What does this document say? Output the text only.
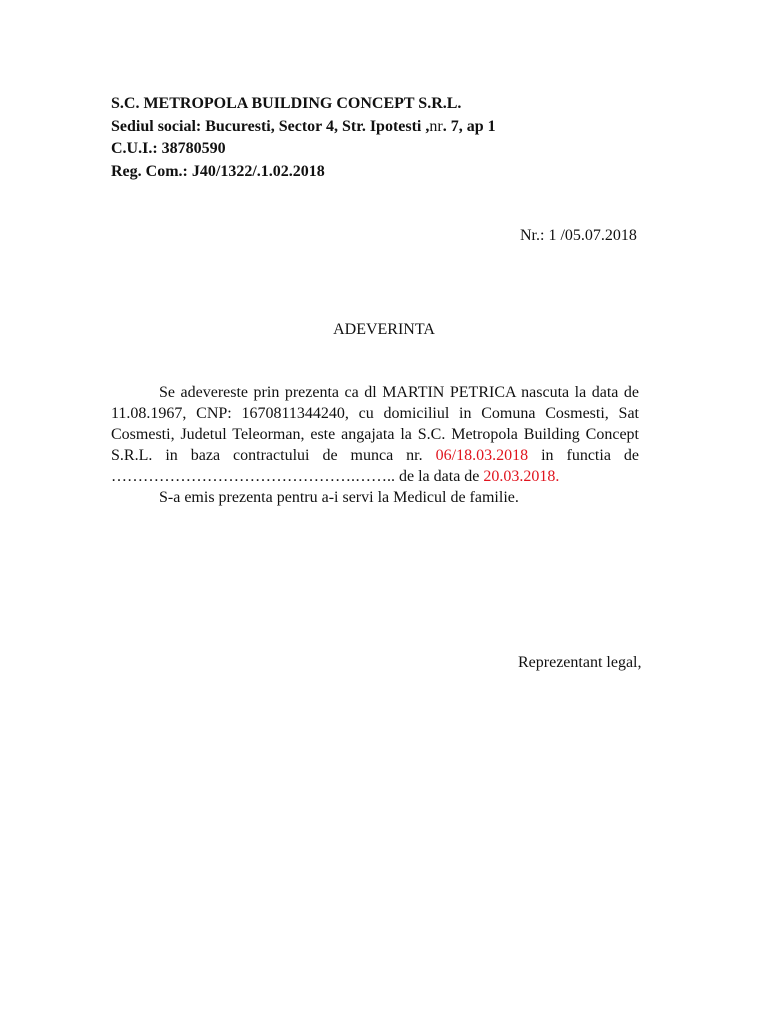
S.C. METROPOLA BUILDING CONCEPT S.R.L.
Sediul social: Bucuresti, Sector 4, Str. Ipotesti ,nr. 7, ap 1
C.U.I.: 38780590
Reg. Com.: J40/1322/.1.02.2018
Nr.: 1 /05.07.2018
ADEVERINTA
Se adevereste prin prezenta ca dl MARTIN PETRICA nascuta la data de 11.08.1967, CNP: 1670811344240, cu domiciliul in Comuna Cosmesti, Sat Cosmesti, Judetul Teleorman, este angajata la S.C. Metropola Building Concept S.R.L. in baza contractului de munca nr. 06/18.03.2018 in functia de ……………………………………….…….. de la data de 20.03.2018.
S-a emis prezenta pentru a-i servi la Medicul de familie.
Reprezentant legal,
